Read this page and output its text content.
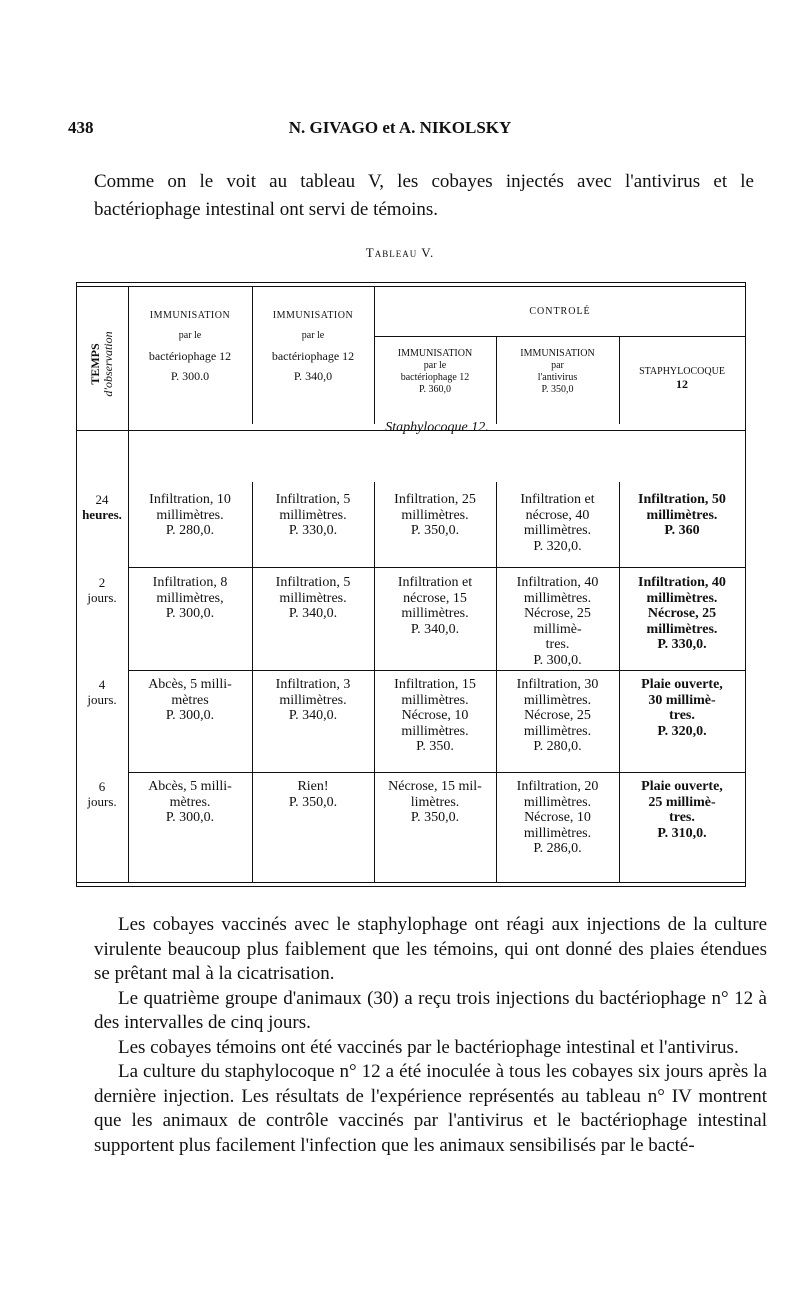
438	N. GIVAGO et A. NIKOLSKY

Comme on le voit au tableau V, les cobayes injectés avec l'antivirus et le bactériophage intestinal ont servi de témoins.

Tableau V.
TEMPS
d'observation
IMMUNISATION
par le
bactériophage 12
P. 300.0
IMMUNISATION
par le
bactériophage 12
P. 340,0
CONTROLÉ
IMMUNISATION
par le
bactériophage 12
P. 360,0
IMMUNISATION
par
l'antivirus
P. 350,0
STAPHYLOCOQUE
12
Staphylocoque 12.
24
heures.
Infiltration, 10
millimètres.
P. 280,0.
Infiltration, 5
millimètres.
P. 330,0.
Infiltration, 25
millimètres.
P. 350,0.
Infiltration et
nécrose, 40
millimètres.
P. 320,0.
Infiltration, 50
millimètres.
P. 360
2
jours.
Infiltration, 8
millimètres,
P. 300,0.
Infiltration, 5
millimètres.
P. 340,0.
Infiltration et
nécrose, 15
millimètres.
P. 340,0.
Infiltration, 40
millimètres.
Nécrose, 25
millimè-
tres.
P. 300,0.
Infiltration, 40
millimètres.
Nécrose, 25
millimètres.
P. 330,0.
4
jours.
Abcès, 5 milli-
mètres
P. 300,0.
Infiltration, 3
millimètres.
P. 340,0.
Infiltration, 15
millimètres.
Nécrose, 10
millimètres.
P. 350.
Infiltration, 30
millimètres.
Nécrose, 25
millimètres.
P. 280,0.
Plaie ouverte,
30 millimè-
tres.
P. 320,0.
6
jours.
Abcès, 5 milli-
mètres.
P. 300,0.
Rien!
P. 350,0.
Nécrose, 15 mil-
limètres.
P. 350,0.
Infiltration, 20
millimètres.
Nécrose, 10
millimètres.
P. 286,0.
Plaie ouverte,
25 millimè-
tres.
P. 310,0.

Les cobayes vaccinés avec le staphylophage ont réagi aux injections de la culture virulente beaucoup plus faiblement que les témoins, qui ont donné des plaies étendues se prêtant mal à la cicatrisation.

Le quatrième groupe d'animaux (30) a reçu trois injections du bactériophage n° 12 à des intervalles de cinq jours.

Les cobayes témoins ont été vaccinés par le bactériophage intestinal et l'antivirus.

La culture du staphylocoque n° 12 a été inoculée à tous les cobayes six jours après la dernière injection. Les résultats de l'expérience représentés au tableau n° IV montrent que les animaux de contrôle vaccinés par l'antivirus et le bactériophage intestinal supportent plus facilement l'infection que les animaux sensibilisés par le bacté-
